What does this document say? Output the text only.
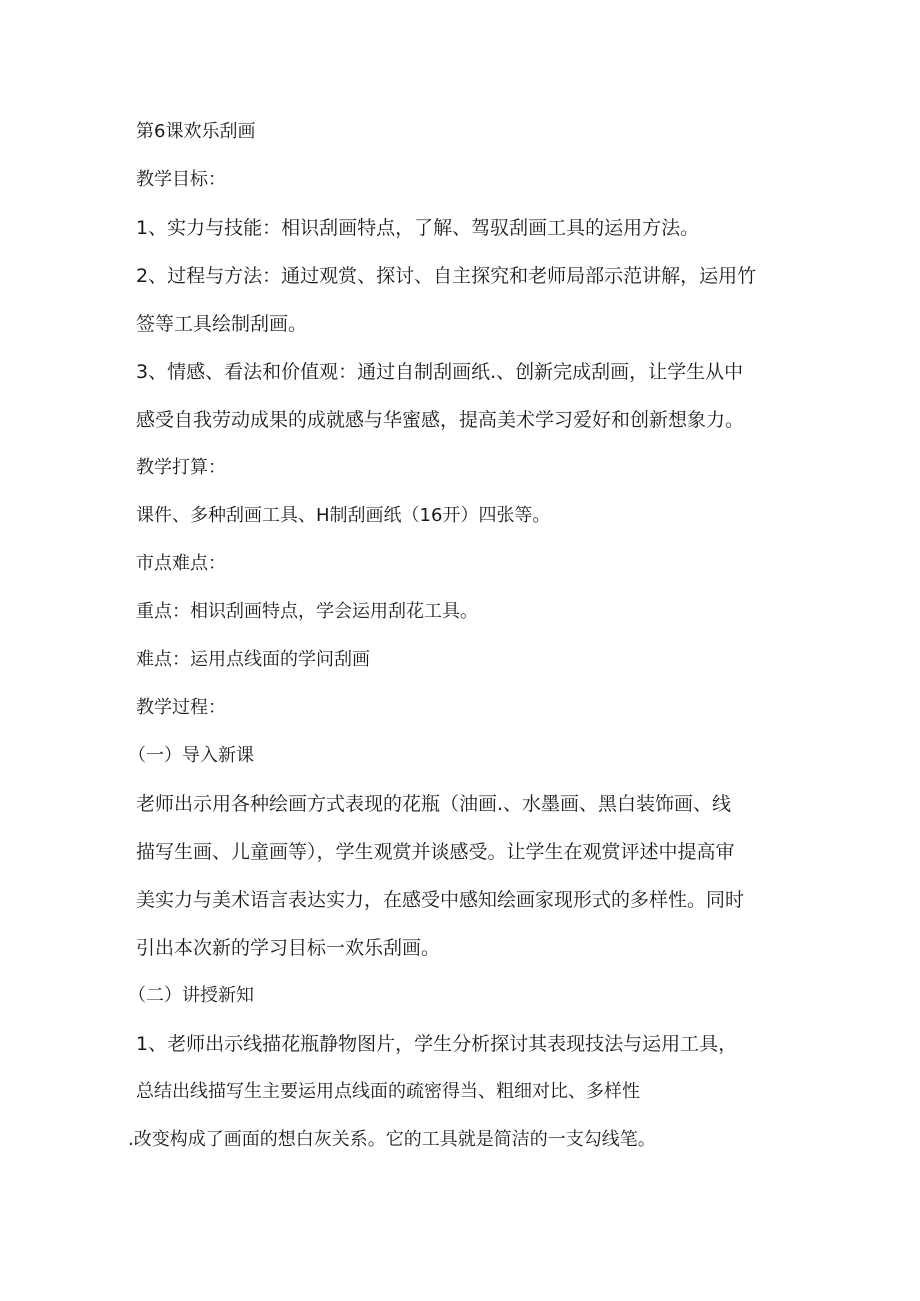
第6课欢乐刮画
教学目标：
1、实力与技能：相识刮画特点，了解、驾驭刮画工具的运用方法。
2、过程与方法：通过观赏、探讨、自主探究和老师局部示范讲解，运用竹
签等工具绘制刮画。
3、情感、看法和价值观：通过自制刮画纸.、创新完成刮画，让学生从中
感受自我劳动成果的成就感与华蜜感，提高美术学习爱好和创新想象力。
教学打算：
课件、多种刮画工具、H制刮画纸（16开）四张等。
市点难点：
重点：相识刮画特点，学会运用刮花工具。
难点：运用点线面的学问刮画
教学过程：
（一）导入新课
老师出示用各种绘画方式表现的花瓶（油画.、水墨画、黑白装饰画、线
描写生画、儿童画等），学生观赏并谈感受。让学生在观赏评述中提高审
美实力与美术语言表达实力，在感受中感知绘画家现形式的多样性。同时
引出本次新的学习目标一欢乐刮画。
（二）讲授新知
1、老师出示线描花瓶静物图片，学生分析探讨其表现技法与运用工具，
总结出线描写生主要运用点线面的疏密得当、粗细对比、多样性
.改变构成了画面的想白灰关系。它的工具就是简洁的一支勾线笔。
